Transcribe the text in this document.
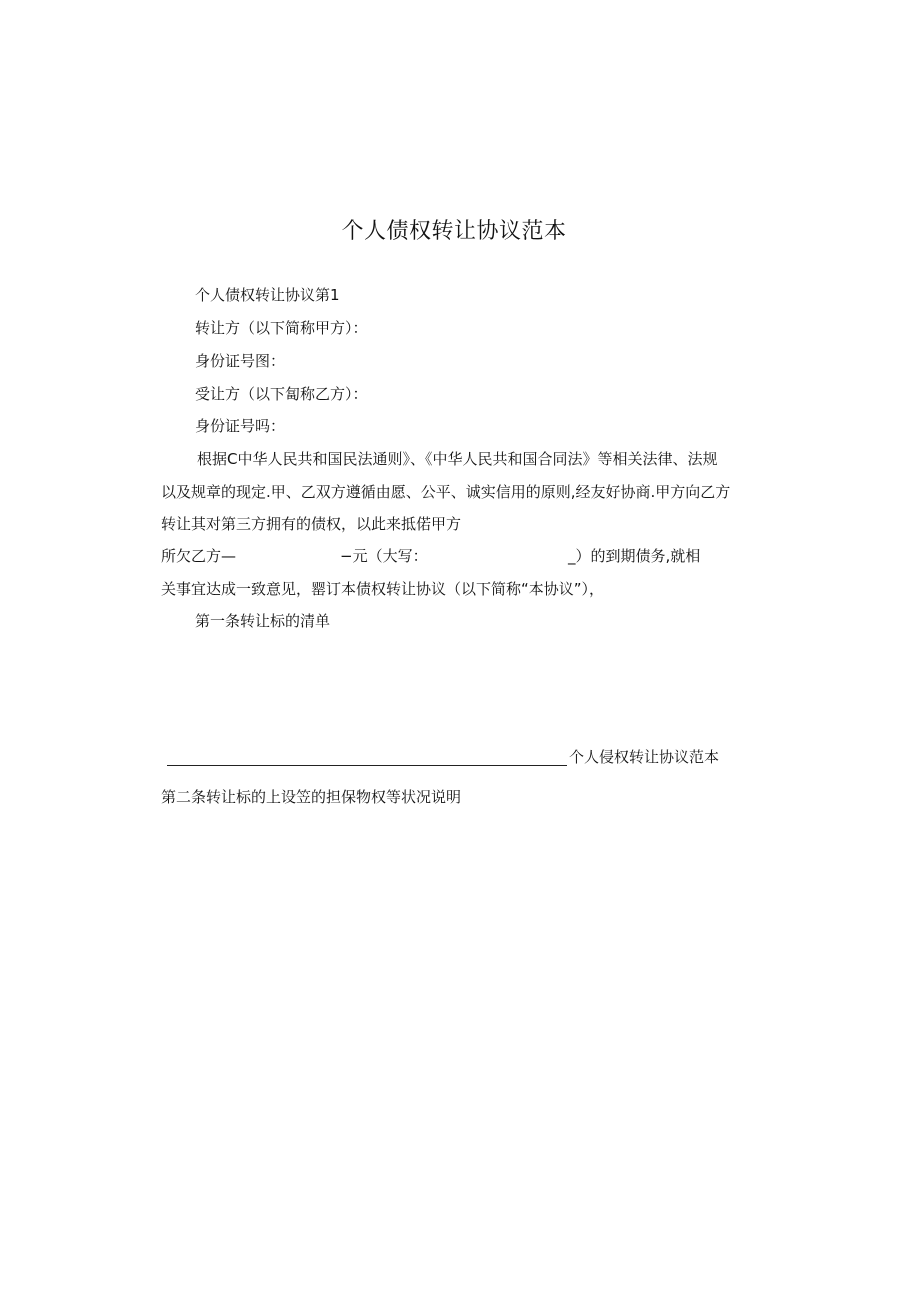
个人债权转让协议范本
个人债权转让协议第1
转让方（以下简称甲方）：
身份证号图：
受让方（以下匐称乙方）：
身份证号吗：
根据C中华人民共和国民法通则》、《中华人民共和国合同法》等相关法律、法规
以及规章的现定.甲、乙双方遵循由愿、公平、诚实信用的原则,经友好协商.甲方向乙方
转让其对第三方拥有的债权，以此来抵偌甲方
所欠乙方—	−元（大写：	_）的到期债务,就相
关事宜达成一致意见，罂订本债权转让协议（以下简称“本协议”），
第一条转让标的清单
个人侵权转让协议范本
第二条转让标的上设笠的担保物权等状况说明
